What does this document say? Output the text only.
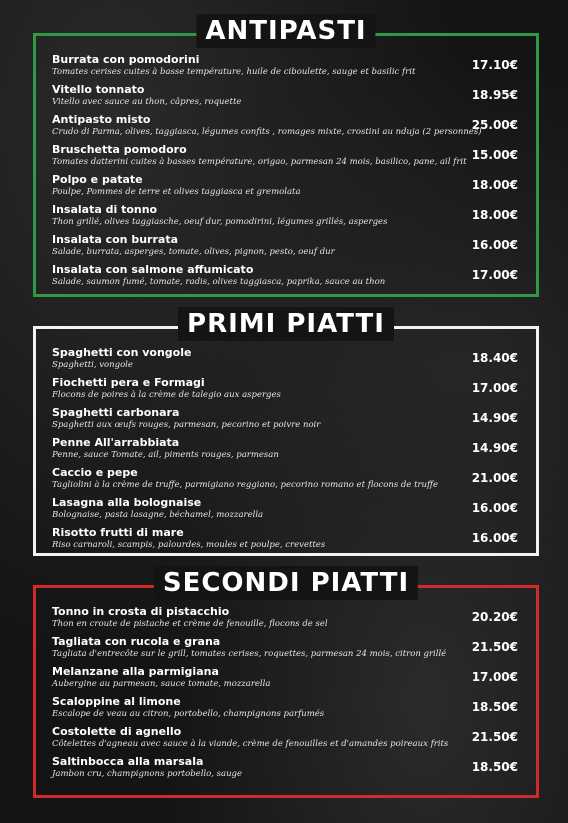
ANTIPASTI
Burrata con pomodorini
Tomates cerises cuites à basse température, huile de ciboulette, sauge et basilic frit	17.10€
Vitello tonnato
Vitello avec sauce au thon, câpres, roquette	18.95€
Antipasto misto
Crudo di Parma, olives, taggiasca, légumes confits , romages mixte, crostini au nduja (2 personnes)
25.00€
Bruschetta pomodoro
Tomates datterini cuites à basses température, origao, parmesan 24 mois, basilico, pane, ail frit 15.00€
Polpo e patate
Poulpe, Pommes de terre et olives taggiasca et gremolata	18.00€
Insalata di tonno
Thon grillé, olives taggiasche, oeuf dur, pomodirini, légumes grillés, asperges	18.00€
Insalata con burrata
Salade, burrata, asperges, tomate, olives, pignon, pesto, oeuf dur	16.00€
Insalata con salmone affumicato
Salade, saumon fumé, tomate, radis, olives taggiasca, paprika, sauce au thon	17.00€
PRIMI PIATTI
Spaghetti con vongole
Spaghetti, vongole	18.40€
Fiochetti pera e Formagi
Flocons de poires à la crème de talegio aux asperges	17.00€
Spaghetti carbonara
Spaghetti aux œufs rouges, parmesan, pecorino et poivre noir	14.90€
Penne All'arrabbiata
Penne, sauce Tomate, ail, piments rouges, parmesan	14.90€
Caccio e pepe
Tagliolini à la crème de truffe, parmigiano reggiano, pecorino romano et flocons de truffe	21.00€
Lasagna alla bolognaise
Bolognaise, pasta lasagne, béchamel, mozzarella	16.00€
Risotto frutti di mare
Riso carnaroli, scampis, palourdes, moules et poulpe, crevettes	16.00€
SECONDI PIATTI
Tonno in crosta di pistacchio
Thon en croute de pistache et crème de fenouille, flocons de sel	20.20€
Tagliata con rucola e grana
Tagliata d'entrecôte sur le grill, tomates cerises, roquettes, parmesan 24 mois, citron grillé	21.50€
Melanzane alla parmigiana
Aubergine au parmesan, sauce tomate, mozzarella	17.00€
Scaloppine al limone
Escalope de veau au citron, portobello, champignons parfumés	18.50€
Costolette di agnello
Côtelettes d'agneau avec sauce à la viande, crème de fenouilles et d'amandes poireaux frits	21.50€
Saltinbocca alla marsala
Jambon cru, champignons portobello, sauge	18.50€
